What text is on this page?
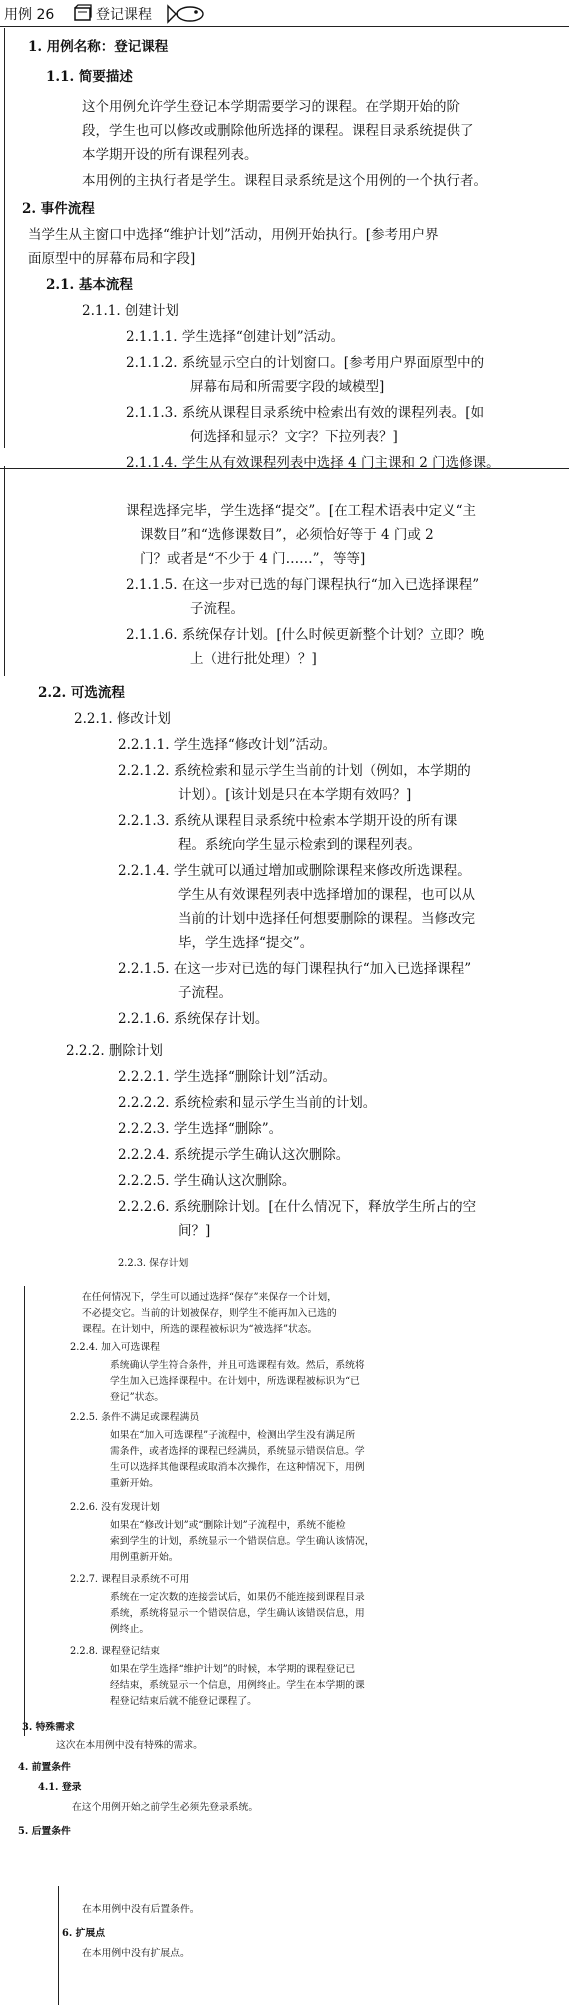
用例 26	登记课程
1. 用例名称：登记课程
1.1. 简要描述
这个用例允许学生登记本学期需要学习的课程。在学期开始的阶
段，学生也可以修改或删除他所选择的课程。课程目录系统提供了
本学期开设的所有课程列表。
本用例的主执行者是学生。课程目录系统是这个用例的一个执行者。
2. 事件流程
当学生从主窗口中选择“维护计划”活动，用例开始执行。[参考用户界
面原型中的屏幕布局和字段]
2.1. 基本流程
2.1.1. 创建计划
2.1.1.1. 学生选择“创建计划”活动。
2.1.1.2. 系统显示空白的计划窗口。[参考用户界面原型中的
屏幕布局和所需要字段的域模型]
2.1.1.3. 系统从课程目录系统中检索出有效的课程列表。[如
何选择和显示？文字？下拉列表？]
2.1.1.4. 学生从有效课程列表中选择 4 门主课和 2 门选修课。
课程选择完毕，学生选择“提交”。[在工程术语表中定义“主
课数目”和“选修课数目”，必须恰好等于 4 门或 2
门？或者是“不少于 4 门……”，等等]
2.1.1.5. 在这一步对已选的每门课程执行“加入已选择课程”
子流程。
2.1.1.6. 系统保存计划。[什么时候更新整个计划？立即？晚
上（进行批处理）？]
2.2. 可选流程
2.2.1. 修改计划
2.2.1.1. 学生选择“修改计划”活动。
2.2.1.2. 系统检索和显示学生当前的计划（例如，本学期的
计划）。[该计划是只在本学期有效吗？]
2.2.1.3. 系统从课程目录系统中检索本学期开设的所有课
程。系统向学生显示检索到的课程列表。
2.2.1.4. 学生就可以通过增加或删除课程来修改所选课程。
学生从有效课程列表中选择增加的课程，也可以从
当前的计划中选择任何想要删除的课程。当修改完
毕，学生选择“提交”。
2.2.1.5. 在这一步对已选的每门课程执行“加入已选择课程”
子流程。
2.2.1.6. 系统保存计划。
2.2.2. 删除计划
2.2.2.1. 学生选择“删除计划”活动。
2.2.2.2. 系统检索和显示学生当前的计划。
2.2.2.3. 学生选择“删除”。
2.2.2.4. 系统提示学生确认这次删除。
2.2.2.5. 学生确认这次删除。
2.2.2.6. 系统删除计划。[在什么情况下，释放学生所占的空
间？]
2.2.3. 保存计划
在任何情况下，学生可以通过选择“保存”来保存一个计划，
不必提交它。当前的计划被保存，则学生不能再加入已选的
课程。在计划中，所选的课程被标识为“被选择”状态。
2.2.4. 加入可选课程
系统确认学生符合条件，并且可选课程有效。然后，系统将
学生加入已选择课程中。在计划中，所选课程被标识为“已
登记”状态。
2.2.5. 条件不满足或课程满员
如果在“加入可选课程”子流程中，检测出学生没有满足所
需条件，或者选择的课程已经满员，系统显示错误信息。学
生可以选择其他课程或取消本次操作，在这种情况下，用例
重新开始。
2.2.6. 没有发现计划
如果在“修改计划”或“删除计划”子流程中，系统不能检
索到学生的计划，系统显示一个错误信息。学生确认该情况，
用例重新开始。
2.2.7. 课程目录系统不可用
系统在一定次数的连接尝试后，如果仍不能连接到课程目录
系统，系统将显示一个错误信息，学生确认该错误信息，用
例终止。
2.2.8. 课程登记结束
如果在学生选择“维护计划”的时候，本学期的课程登记已
经结束，系统显示一个信息，用例终止。学生在本学期的课
程登记结束后就不能登记课程了。
3. 特殊需求
这次在本用例中没有特殊的需求。
4. 前置条件
4.1. 登录
在这个用例开始之前学生必须先登录系统。
5. 后置条件
在本用例中没有后置条件。
6. 扩展点
在本用例中没有扩展点。
